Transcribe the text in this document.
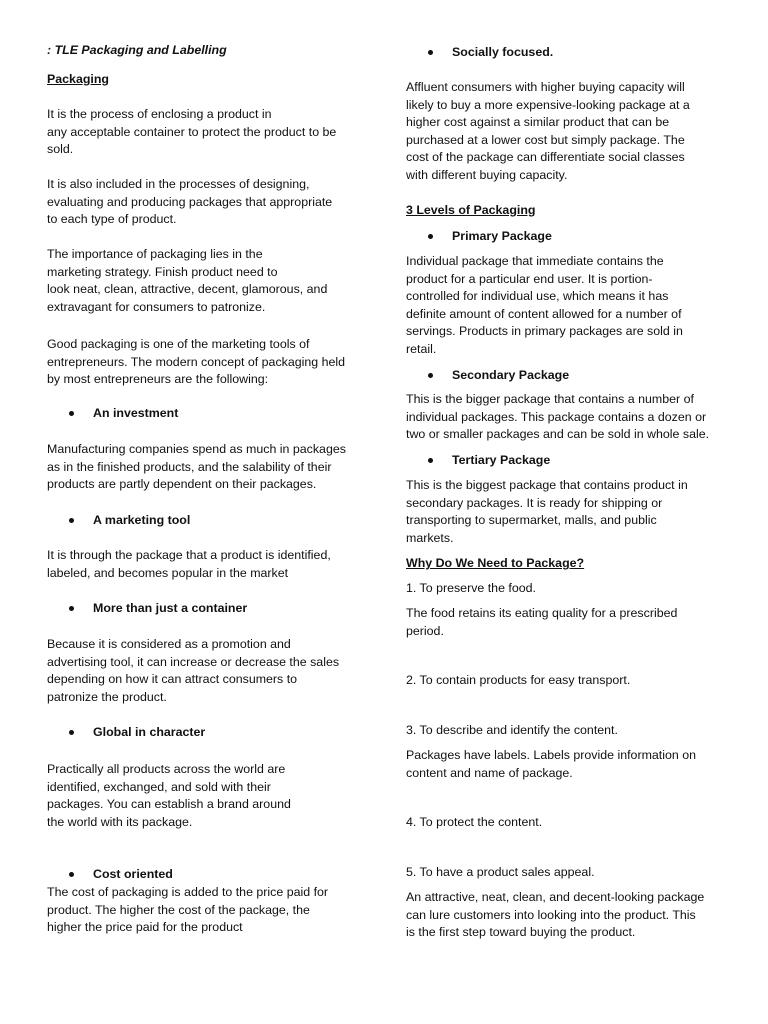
: TLE Packaging and Labelling
Packaging
It is the process of enclosing a product in
any acceptable container to protect the product to be
sold.
It is also included in the processes of designing,
evaluating and producing packages that appropriate
to each type of product.
The importance of packaging lies in the
marketing strategy. Finish product need to
look neat, clean, attractive, decent, glamorous, and
extravagant for consumers to patronize.
Good packaging is one of the marketing tools of
entrepreneurs. The modern concept of packaging held
by most entrepreneurs are the following:
An investment
Manufacturing companies spend as much in packages
as in the finished products, and the salability of their
products are partly dependent on their packages.
A marketing tool
It is through the package that a product is identified,
labeled, and becomes popular in the market
More than just a container
Because it is considered as a promotion and
advertising tool, it can increase or decrease the sales
depending on how it can attract consumers to
patronize the product.
Global in character
Practically all products across the world are
identified, exchanged, and sold with their
packages. You can establish a brand around
the world with its package.
Cost oriented
The cost of packaging is added to the price paid for
product. The higher the cost of the package, the
higher the price paid for the product
Socially focused.
Affluent consumers with higher buying capacity will
likely to buy a more expensive-looking package at a
higher cost against a similar product that can be
purchased at a lower cost but simply package. The
cost of the package can differentiate social classes
with different buying capacity.
3 Levels of Packaging
Primary Package
Individual package that immediate contains the
product for a particular end user. It is portion-
controlled for individual use, which means it has
definite amount of content allowed for a number of
servings. Products in primary packages are sold in
retail.
Secondary Package
This is the bigger package that contains a number of
individual packages. This package contains a dozen or
two or smaller packages and can be sold in whole sale.
Tertiary Package
This is the biggest package that contains product in
secondary packages. It is ready for shipping or
transporting to supermarket, malls, and public
markets.
Why Do We Need to Package?
1. To preserve the food.
The food retains its eating quality for a prescribed
period.
2. To contain products for easy transport.
3. To describe and identify the content.
Packages have labels. Labels provide information on
content and name of package.
4. To protect the content.
5. To have a product sales appeal.
An attractive, neat, clean, and decent-looking package
can lure customers into looking into the product. This
is the first step toward buying the product.
